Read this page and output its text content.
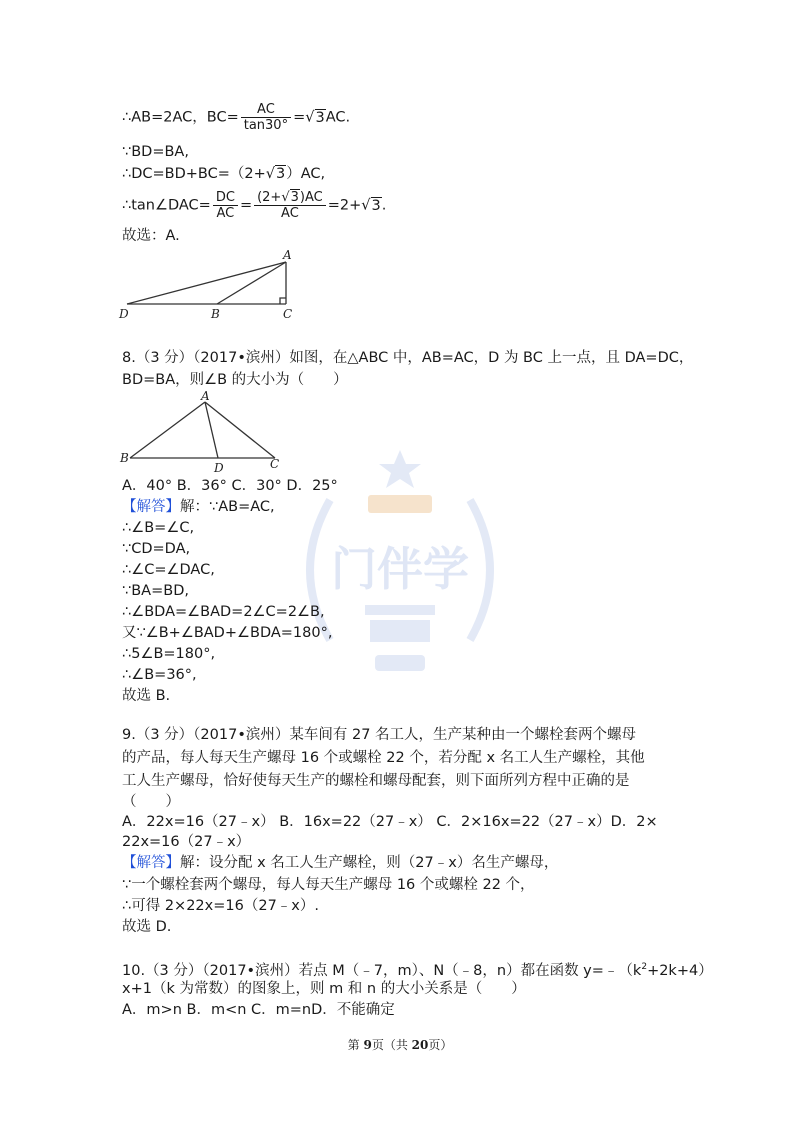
门伴学
∴AB=2AC，$BC= \frac{AC}{\tan 30^\circ} =√3AC$.
∵BD=BA,
∴DC=BD+BC=（2+√3）AC,
∴tan∠DAC= $\frac{DC}{AC} = \frac{(2+√3)AC}{AC} =2+√3$.
故选：A.
A
D	B	C
8.（3 分）（2017•滨州）如图，在△ABC 中，AB=AC，D 为 BC 上一点，且 DA=DC，
BD=BA，则∠B 的大小为（　　）
A
B
D	C
A．40° B．36° C．30° D．25°
【解答】解：∵AB=AC,
∴∠B=∠C,
∵CD=DA,
∴∠C=∠DAC,
∵BA=BD,
∴∠BDA=∠BAD=2∠C=2∠B,
又∵∠B+∠BAD+∠BDA=180°,
∴5∠B=180°,
∴∠B=36°,
故选 B.
9.（3 分）（2017•滨州）某车间有 27 名工人，生产某种由一个螺栓套两个螺母
的产品，每人每天生产螺母 16 个或螺栓 22 个，若分配 x 名工人生产螺栓，其他
工人生产螺母，恰好使每天生产的螺栓和螺母配套，则下面所列方程中正确的是
（　　）
A．22x=16（27﹣x） B．16x=22（27﹣x） C．2×16x=22（27﹣x）D．2×
22x=16（27﹣x）
【解答】解：设分配 x 名工人生产螺栓，则（27﹣x）名生产螺母，
∵一个螺栓套两个螺母，每人每天生产螺母 16 个或螺栓 22 个，
∴可得 2×22x=16（27﹣x）.
故选 D.
10.（3 分）（2017•滨州）若点 M（﹣7，m）、N（﹣8，n）都在函数 $y=﹣(k^2+2k+4)$
x+1（k 为常数）的图象上，则 m 和 n 的大小关系是（　　）
A．m>n B．m<n C．m=nD．不能确定
第 9页（共 20页）
